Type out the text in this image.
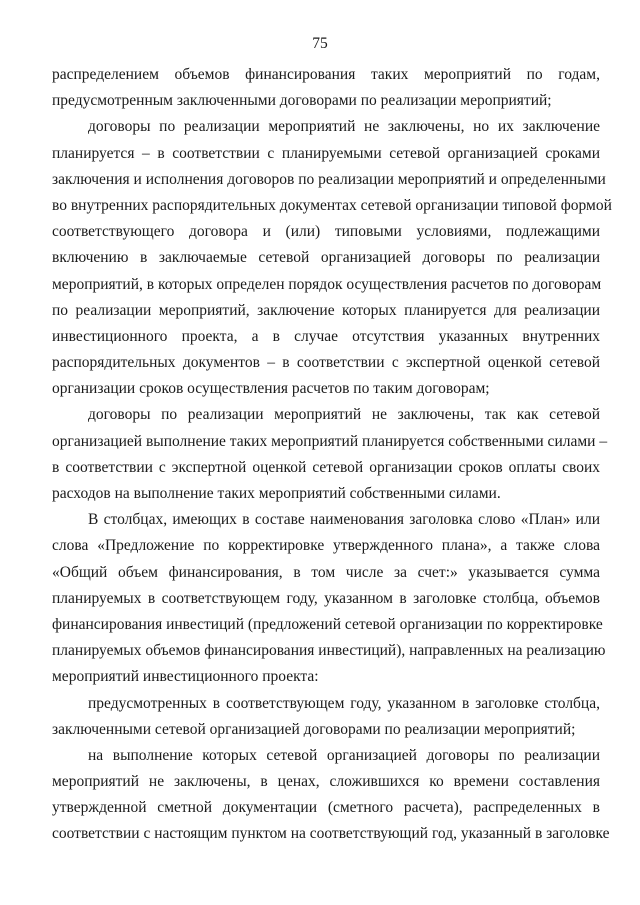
75
распределением объемов финансирования таких мероприятий по годам,
предусмотренным заключенными договорами по реализации мероприятий;
договоры по реализации мероприятий не заключены, но их заключение
планируется – в соответствии с планируемыми сетевой организацией сроками
заключения и исполнения договоров по реализации мероприятий и определенными
во внутренних распорядительных документах сетевой организации типовой формой
соответствующего договора и (или) типовыми условиями, подлежащими
включению в заключаемые сетевой организацией договоры по реализации
мероприятий, в которых определен порядок осуществления расчетов по договорам
по реализации мероприятий, заключение которых планируется для реализации
инвестиционного проекта, а в случае отсутствия указанных внутренних
распорядительных документов – в соответствии с экспертной оценкой сетевой
организации сроков осуществления расчетов по таким договорам;
договоры по реализации мероприятий не заключены, так как сетевой
организацией выполнение таких мероприятий планируется собственными силами –
в соответствии с экспертной оценкой сетевой организации сроков оплаты своих
расходов на выполнение таких мероприятий собственными силами.
В столбцах, имеющих в составе наименования заголовка слово «План» или
слова «Предложение по корректировке утвержденного плана», а также слова
«Общий объем финансирования, в том числе за счет:» указывается сумма
планируемых в соответствующем году, указанном в заголовке столбца, объемов
финансирования инвестиций (предложений сетевой организации по корректировке
планируемых объемов финансирования инвестиций), направленных на реализацию
мероприятий инвестиционного проекта:
предусмотренных в соответствующем году, указанном в заголовке столбца,
заключенными сетевой организацией договорами по реализации мероприятий;
на выполнение которых сетевой организацией договоры по реализации
мероприятий не заключены, в ценах, сложившихся ко времени составления
утвержденной сметной документации (сметного расчета), распределенных в
соответствии с настоящим пунктом на соответствующий год, указанный в заголовке
